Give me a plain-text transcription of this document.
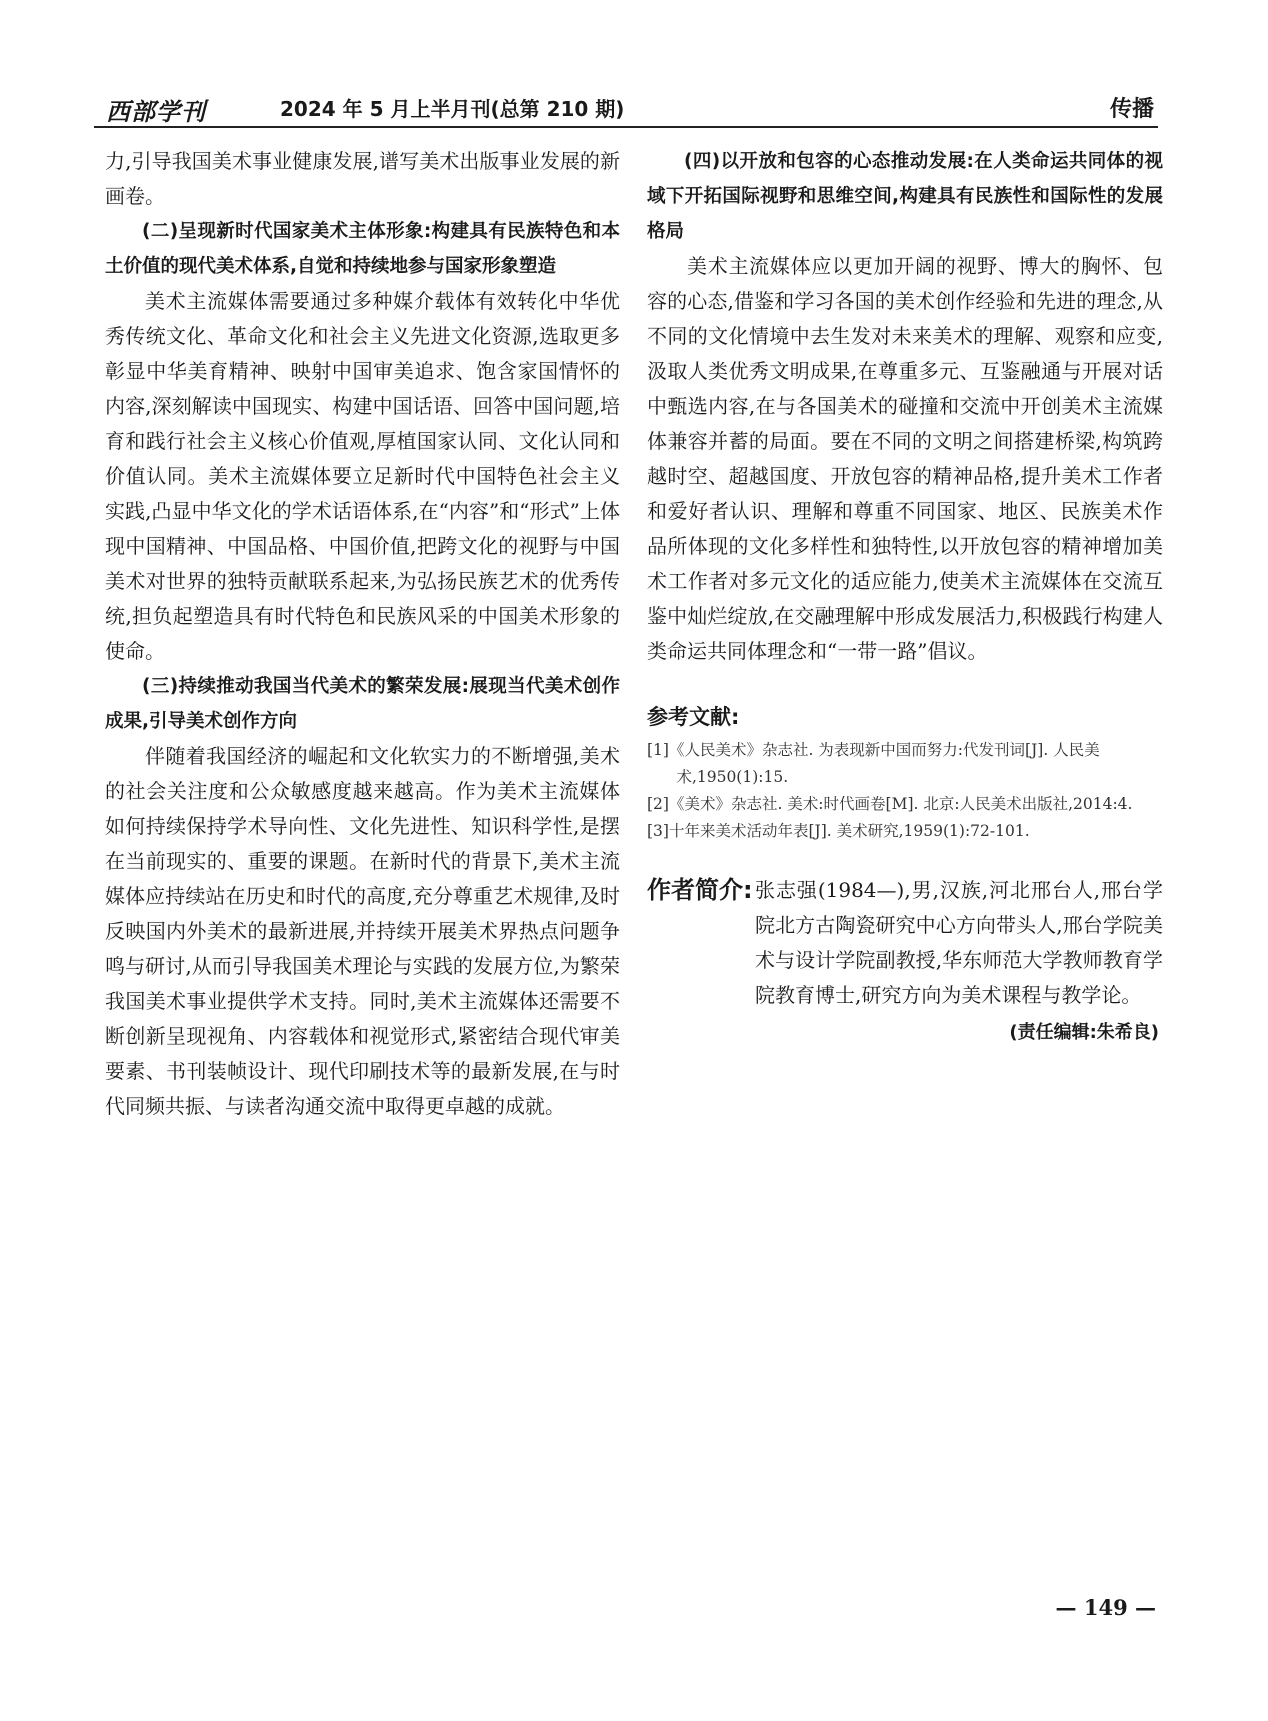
西部学刊	2024 年 5 月上半月刊(总第 210 期)	传播

力,引导我国美术事业健康发展,谱写美术出版事业发展的新画卷。

(二)呈现新时代国家美术主体形象:构建具有民族特色和本土价值的现代美术体系,自觉和持续地参与国家形象塑造

美术主流媒体需要通过多种媒介载体有效转化中华优秀传统文化、革命文化和社会主义先进文化资源,选取更多彰显中华美育精神、映射中国审美追求、饱含家国情怀的内容,深刻解读中国现实、构建中国话语、回答中国问题,培育和践行社会主义核心价值观,厚植国家认同、文化认同和价值认同。美术主流媒体要立足新时代中国特色社会主义实践,凸显中华文化的学术话语体系,在“内容”和“形式”上体现中国精神、中国品格、中国价值,把跨文化的视野与中国美术对世界的独特贡献联系起来,为弘扬民族艺术的优秀传统,担负起塑造具有时代特色和民族风采的中国美术形象的使命。

(三)持续推动我国当代美术的繁荣发展:展现当代美术创作成果,引导美术创作方向

伴随着我国经济的崛起和文化软实力的不断增强,美术的社会关注度和公众敏感度越来越高。作为美术主流媒体如何持续保持学术导向性、文化先进性、知识科学性,是摆在当前现实的、重要的课题。在新时代的背景下,美术主流媒体应持续站在历史和时代的高度,充分尊重艺术规律,及时反映国内外美术的最新进展,并持续开展美术界热点问题争鸣与研讨,从而引导我国美术理论与实践的发展方位,为繁荣我国美术事业提供学术支持。同时,美术主流媒体还需要不断创新呈现视角、内容载体和视觉形式,紧密结合现代审美要素、书刊装帧设计、现代印刷技术等的最新发展,在与时代同频共振、与读者沟通交流中取得更卓越的成就。

(四)以开放和包容的心态推动发展:在人类命运共同体的视域下开拓国际视野和思维空间,构建具有民族性和国际性的发展格局

美术主流媒体应以更加开阔的视野、博大的胸怀、包容的心态,借鉴和学习各国的美术创作经验和先进的理念,从不同的文化情境中去生发对未来美术的理解、观察和应变,汲取人类优秀文明成果,在尊重多元、互鉴融通与开展对话中甄选内容,在与各国美术的碰撞和交流中开创美术主流媒体兼容并蓄的局面。要在不同的文明之间搭建桥梁,构筑跨越时空、超越国度、开放包容的精神品格,提升美术工作者和爱好者认识、理解和尊重不同国家、地区、民族美术作品所体现的文化多样性和独特性,以开放包容的精神增加美术工作者对多元文化的适应能力,使美术主流媒体在交流互鉴中灿烂绽放,在交融理解中形成发展活力,积极践行构建人类命运共同体理念和“一带一路”倡议。

参考文献:

[1]《人民美术》杂志社. 为表现新中国而努力:代发刊词[J]. 人民美术,1950(1):15.

[2]《美术》杂志社. 美术:时代画卷[M]. 北京:人民美术出版社,2014:4.

[3]十年来美术活动年表[J]. 美术研究,1959(1):72-101.

作者简介: 张志强(1984—),男,汉族,河北邢台人,邢台学院北方古陶瓷研究中心方向带头人,邢台学院美术与设计学院副教授,华东师范大学教师教育学院教育博士,研究方向为美术课程与教学论。

(责任编辑:朱希良)
— 149 —
